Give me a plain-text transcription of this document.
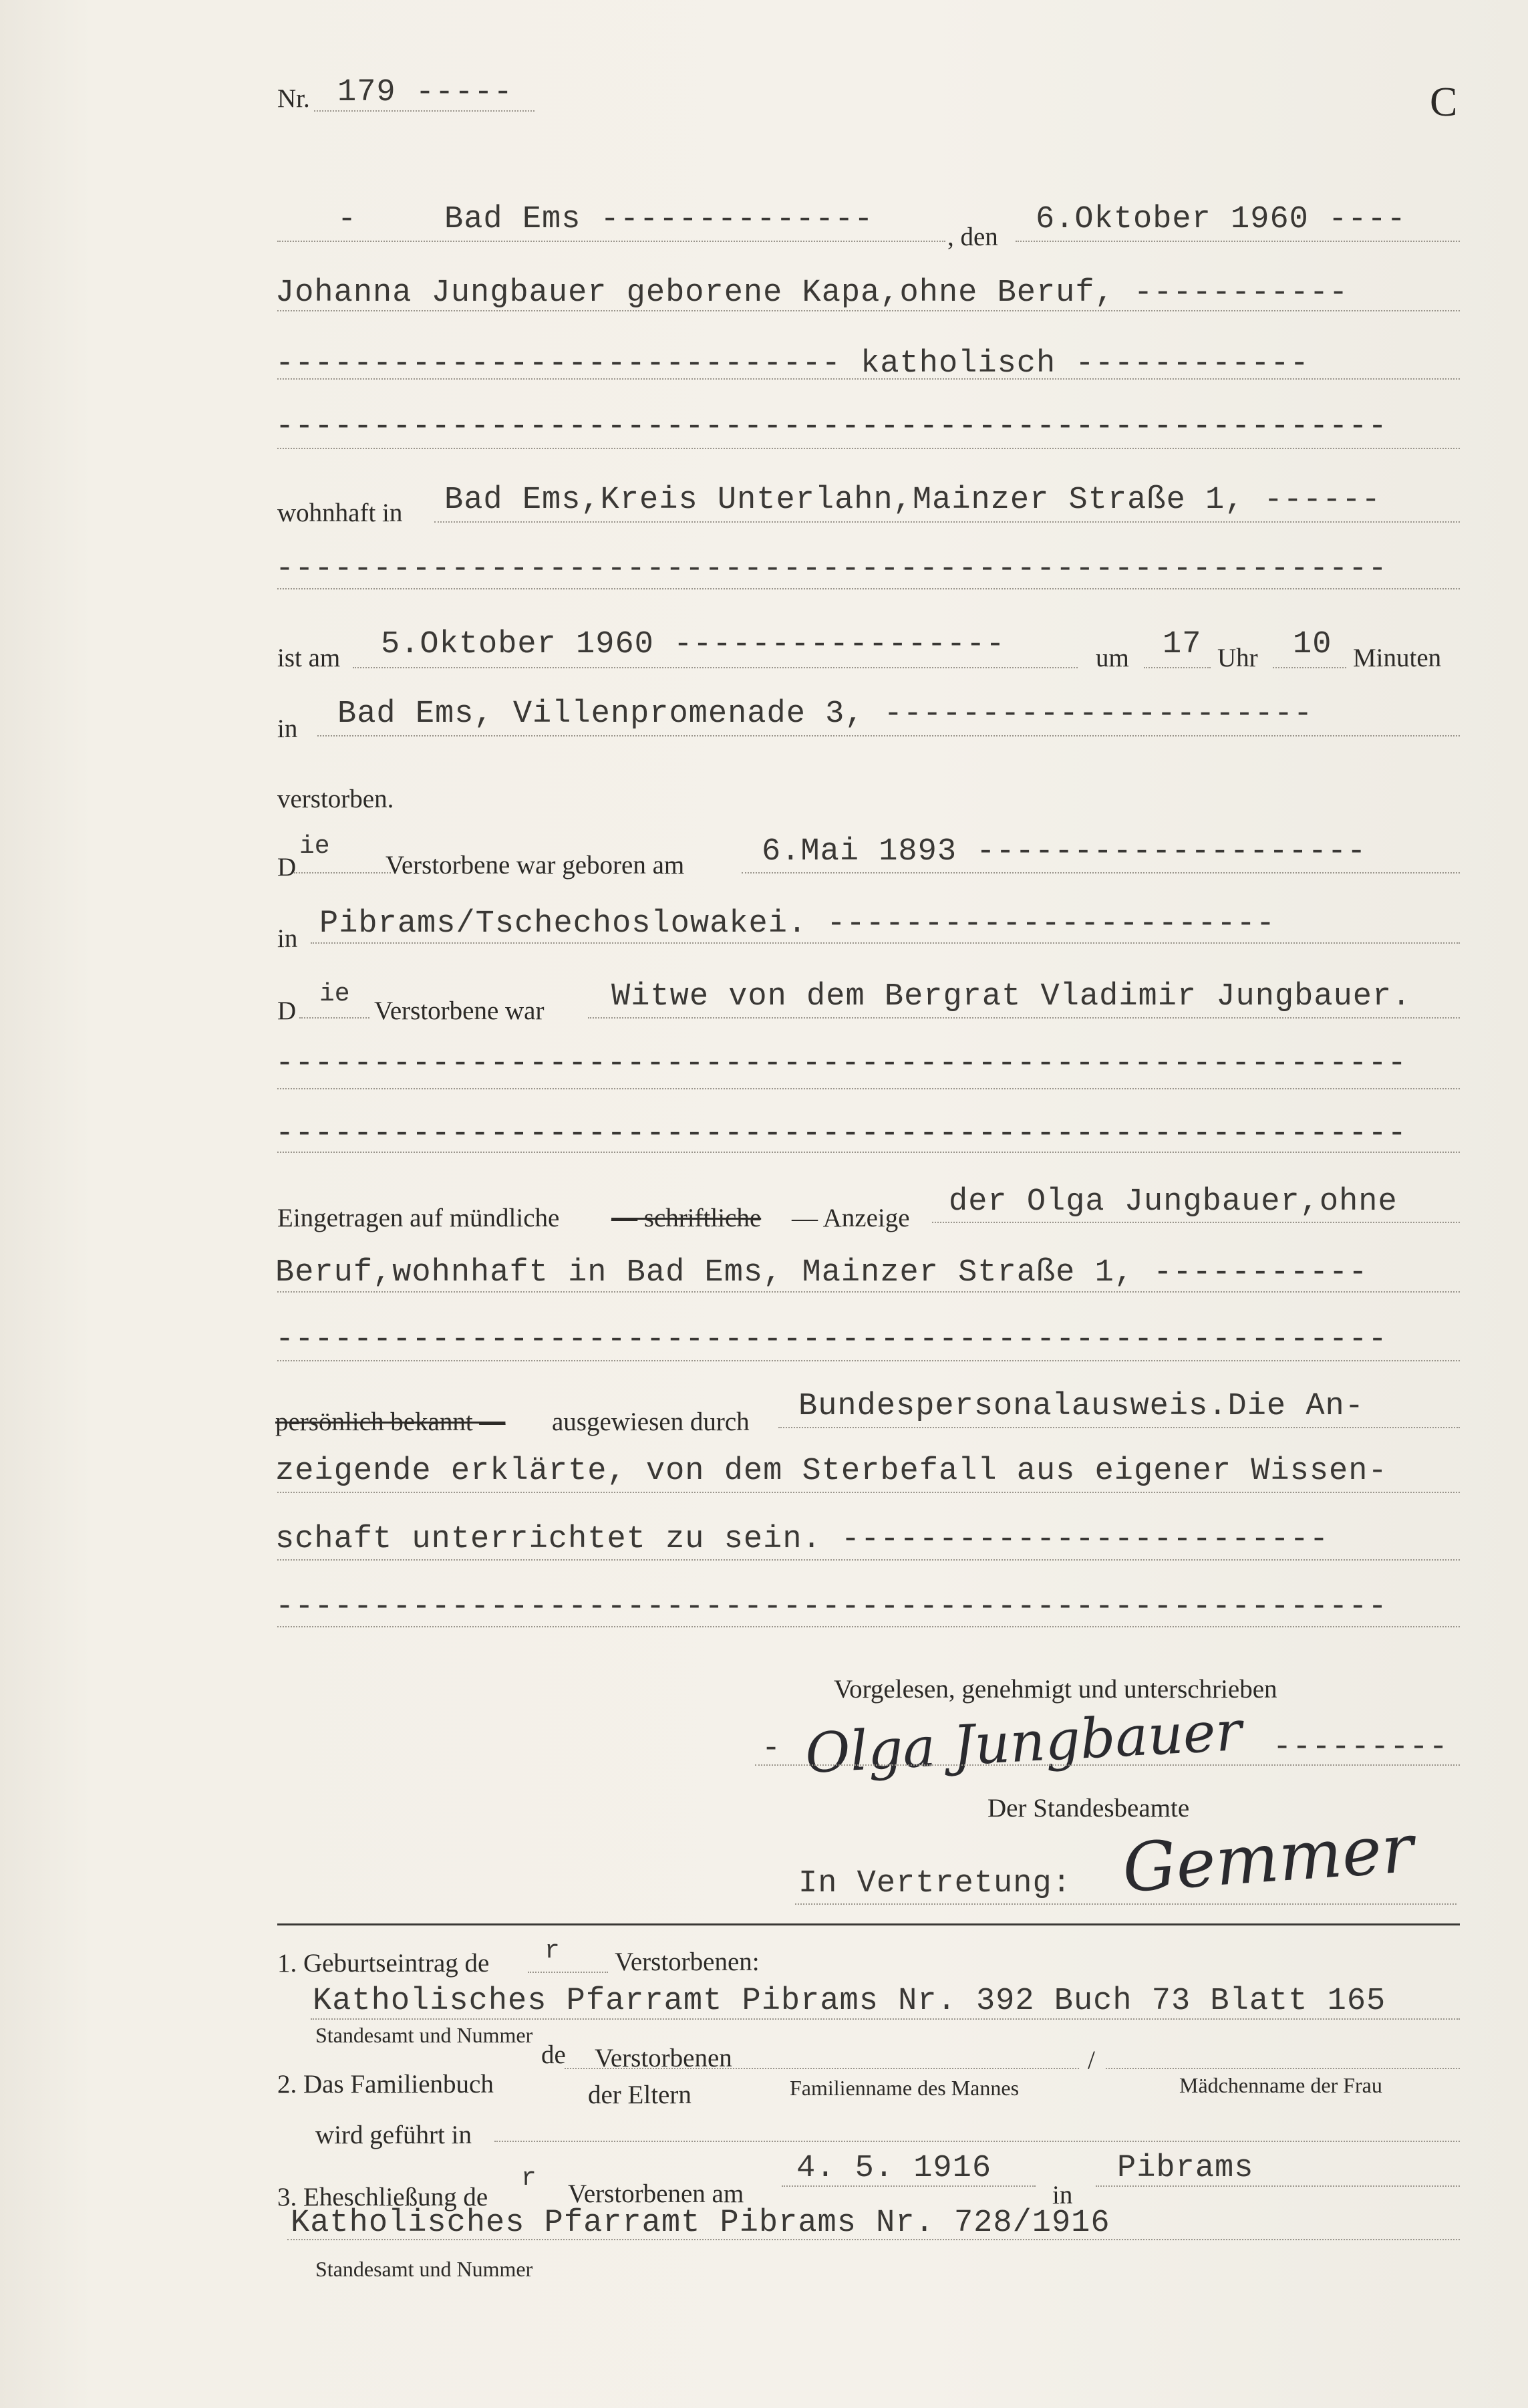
Nr. 179 -----	C
-	Bad Ems --------------	, den 6.Oktober 1960 ----
Johanna Jungbauer geborene Kapa,ohne Beruf, -----------
----------------------------- katholisch ------------
---------------------------------------------------------
wohnhaft in Bad Ems,Kreis Unterlahn,Mainzer Straße 1, ------
---------------------------------------------------------
ist am 5.Oktober 1960 -----------------	um 17 Uhr 10 Minuten
in Bad Ems, Villenpromenade 3, ----------------------
verstorben.
D
ie
Verstorbene war geboren am 6.Mai 1893 --------------------
in Pibrams/Tschechoslowakei. -----------------------
D
ie
Verstorbene war Witwe von dem Bergrat Vladimir Jungbauer.
----------------------------------------------------------
----------------------------------------------------------
Eingetragen auf mündliche — schriftliche — Anzeige der Olga Jungbauer,ohne
Beruf,wohnhaft in Bad Ems, Mainzer Straße 1, -----------
---------------------------------------------------------
persönlich bekannt — ausgewiesen durch Bundespersonalausweis.Die An-
zeigende erklärte, von dem Sterbefall aus eigener Wissen-
schaft unterrichtet zu sein. -------------------------
---------------------------------------------------------
Vorgelesen, genehmigt und unterschrieben
- Olga Jungbauer ---------
Der Standesbeamte
In Vertretung: Gemmer
1. Geburtseintrag de r Verstorbenen:
Katholisches Pfarramt Pibrams Nr. 392 Buch 73 Blatt 165
Standesamt und Nummer
2. Das Familienbuch
de Verstorbenen
der Eltern
/
Familienname des Mannes	Mädchenname der Frau
wird geführt in
3. Eheschließung de
r
Verstorbenen am
4. 5. 1916
in
Pibrams
Katholisches Pfarramt Pibrams Nr. 728/1916
Standesamt und Nummer
